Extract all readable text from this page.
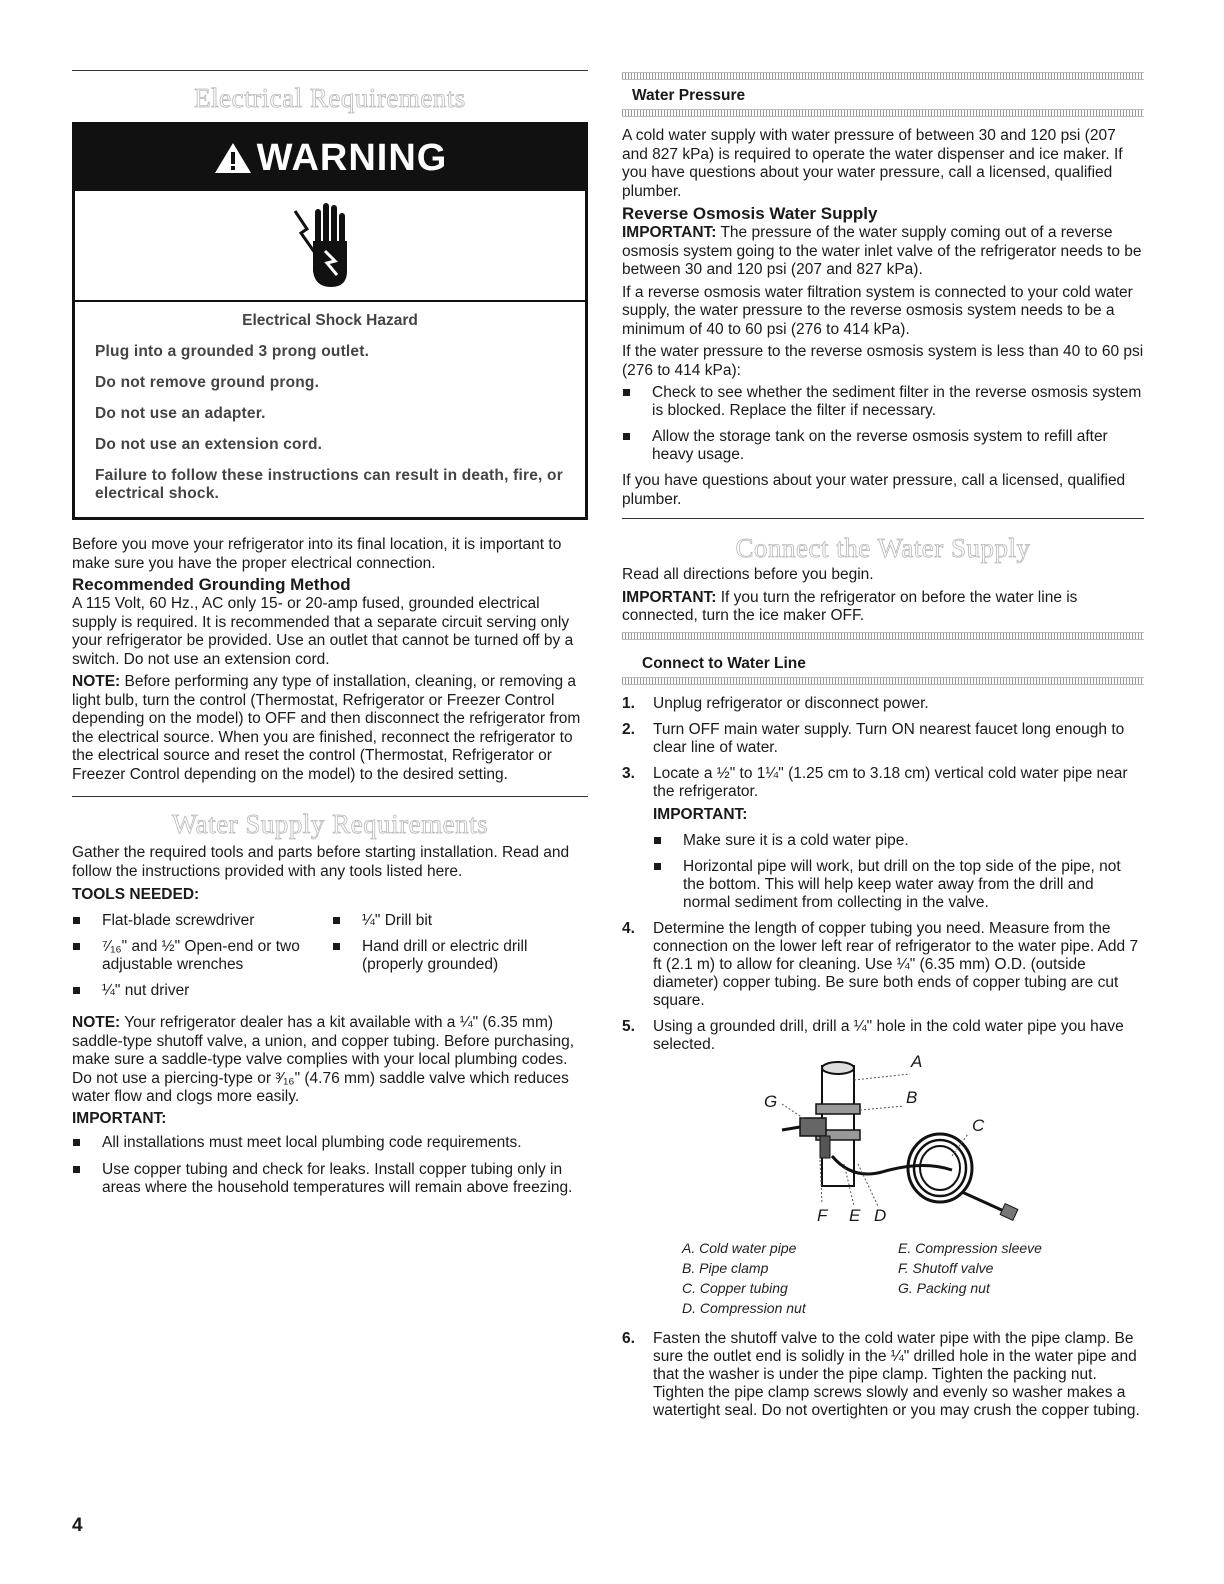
Electrical Requirements
WARNING
Electrical Shock Hazard
Plug into a grounded 3 prong outlet.
Do not remove ground prong.
Do not use an adapter.
Do not use an extension cord.
Failure to follow these instructions can result in death, fire, or electrical shock.

Before you move your refrigerator into its final location, it is important to make sure you have the proper electrical connection.

Recommended Grounding Method

A 115 Volt, 60 Hz., AC only 15- or 20-amp fused, grounded electrical supply is required. It is recommended that a separate circuit serving only your refrigerator be provided. Use an outlet that cannot be turned off by a switch. Do not use an extension cord.

NOTE: Before performing any type of installation, cleaning, or removing a light bulb, turn the control (Thermostat, Refrigerator or Freezer Control depending on the model) to OFF and then disconnect the refrigerator from the electrical source. When you are finished, reconnect the refrigerator to the electrical source and reset the control (Thermostat, Refrigerator or Freezer Control depending on the model) to the desired setting.

Water Supply Requirements

Gather the required tools and parts before starting installation. Read and follow the instructions provided with any tools listed here.

TOOLS NEEDED:
Flat-blade screwdriver
⁷⁄₁₆" and ½" Open-end or two adjustable wrenches
¼" nut driver
¼" Drill bit
Hand drill or electric drill (properly grounded)

NOTE: Your refrigerator dealer has a kit available with a ¼" (6.35 mm) saddle-type shutoff valve, a union, and copper tubing. Before purchasing, make sure a saddle-type valve complies with your local plumbing codes. Do not use a piercing-type or ³⁄₁₆" (4.76 mm) saddle valve which reduces water flow and clogs more easily.

IMPORTANT:
All installations must meet local plumbing code requirements.
Use copper tubing and check for leaks. Install copper tubing only in areas where the household temperatures will remain above freezing.
Water Pressure

A cold water supply with water pressure of between 30 and 120 psi (207 and 827 kPa) is required to operate the water dispenser and ice maker. If you have questions about your water pressure, call a licensed, qualified plumber.

Reverse Osmosis Water Supply

IMPORTANT: The pressure of the water supply coming out of a reverse osmosis system going to the water inlet valve of the refrigerator needs to be between 30 and 120 psi (207 and 827 kPa).

If a reverse osmosis water filtration system is connected to your cold water supply, the water pressure to the reverse osmosis system needs to be a minimum of 40 to 60 psi (276 to 414 kPa).

If the water pressure to the reverse osmosis system is less than 40 to 60 psi (276 to 414 kPa):

Check to see whether the sediment filter in the reverse osmosis system is blocked. Replace the filter if necessary.
Allow the storage tank on the reverse osmosis system to refill after heavy usage.

If you have questions about your water pressure, call a licensed, qualified plumber.

Connect the Water Supply

Read all directions before you begin.

IMPORTANT: If you turn the refrigerator on before the water line is connected, turn the ice maker OFF.

Connect to Water Line
1. Unplug refrigerator or disconnect power.
2. Turn OFF main water supply. Turn ON nearest faucet long enough to clear line of water.
3. Locate a ½" to 1¼" (1.25 cm to 3.18 cm) vertical cold water pipe near the refrigerator.
IMPORTANT:
Make sure it is a cold water pipe.
Horizontal pipe will work, but drill on the top side of the pipe, not the bottom. This will help keep water away from the drill and normal sediment from collecting in the valve.
4. Determine the length of copper tubing you need. Measure from the connection on the lower left rear of refrigerator to the water pipe. Add 7 ft (2.1 m) to allow for cleaning. Use ¼" (6.35 mm) O.D. (outside diameter) copper tubing. Be sure both ends of copper tubing are cut square.
5. Using a grounded drill, drill a ¼" hole in the cold water pipe you have selected.
A
B
C
G
F E D
A. Cold water pipe
B. Pipe clamp
C. Copper tubing
D. Compression nut
E. Compression sleeve
F. Shutoff valve
G. Packing nut
6. Fasten the shutoff valve to the cold water pipe with the pipe clamp. Be sure the outlet end is solidly in the ¼" drilled hole in the water pipe and that the washer is under the pipe clamp. Tighten the packing nut. Tighten the pipe clamp screws slowly and evenly so washer makes a watertight seal. Do not overtighten or you may crush the copper tubing.
4
